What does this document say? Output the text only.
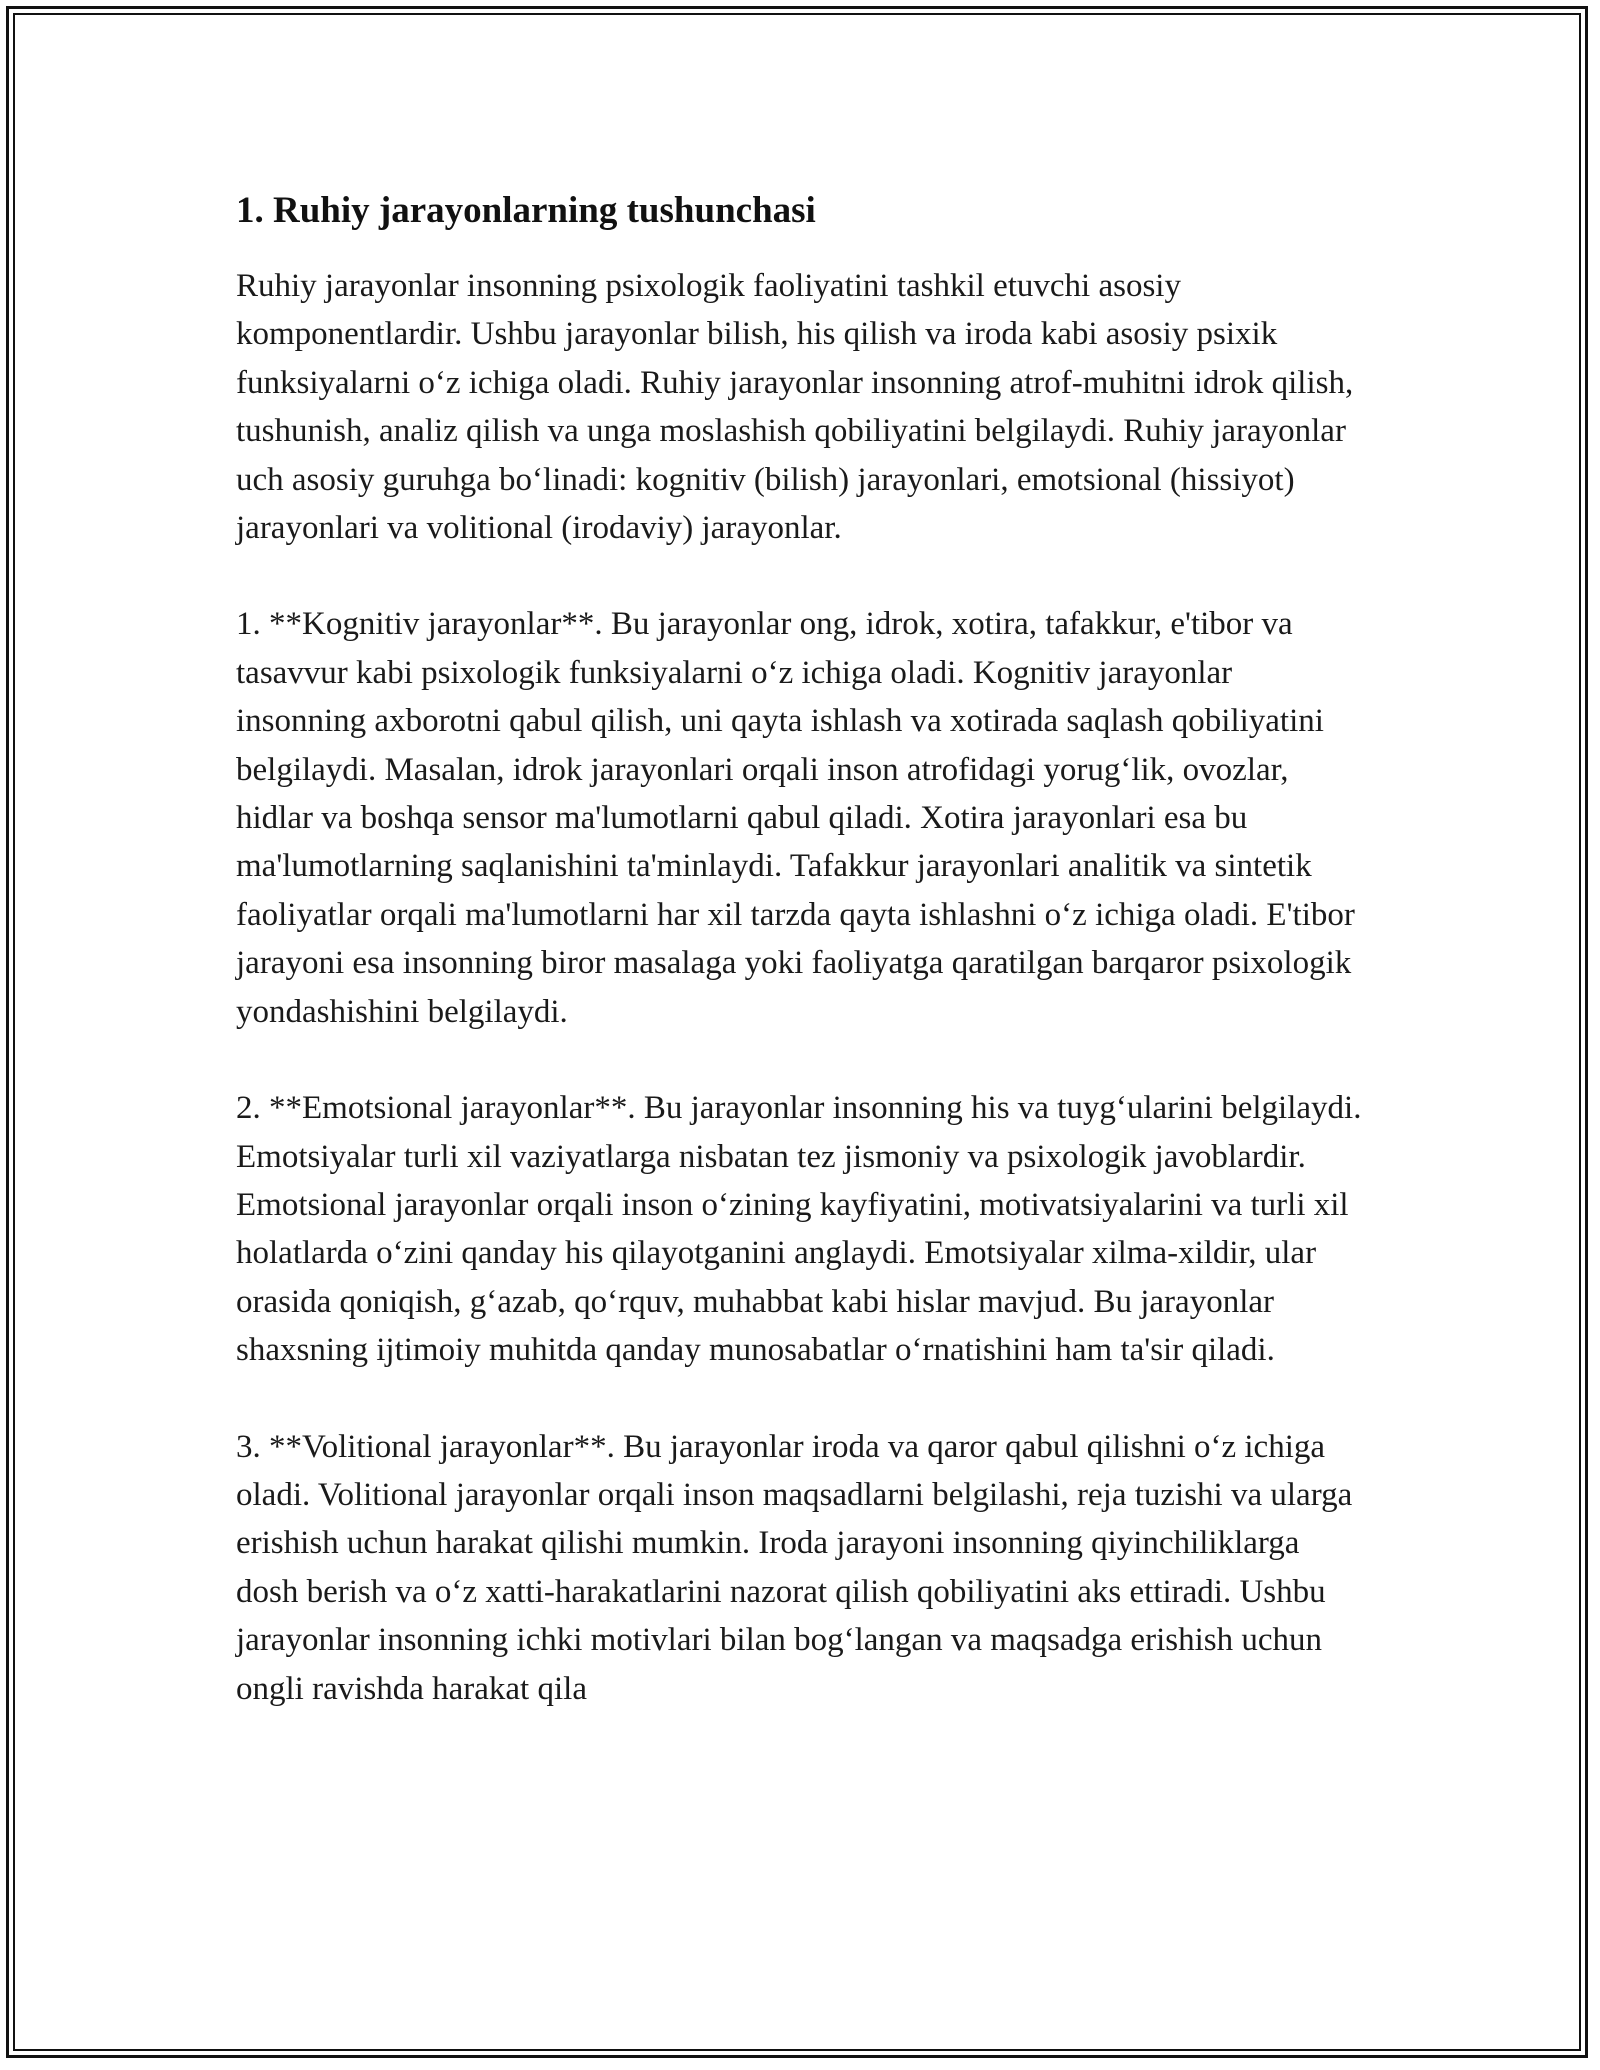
1. Ruhiy jarayonlarning tushunchasi

Ruhiy jarayonlar insonning psixologik faoliyatini tashkil etuvchi asosiy komponentlardir. Ushbu jarayonlar bilish, his qilish va iroda kabi asosiy psixik funksiyalarni o‘z ichiga oladi. Ruhiy jarayonlar insonning atrof-muhitni idrok qilish, tushunish, analiz qilish va unga moslashish qobiliyatini belgilaydi. Ruhiy jarayonlar uch asosiy guruhga bo‘linadi: kognitiv (bilish) jarayonlari, emotsional (hissiyot) jarayonlari va volitional (irodaviy) jarayonlar.

1. **Kognitiv jarayonlar**. Bu jarayonlar ong, idrok, xotira, tafakkur, e'tibor va tasavvur kabi psixologik funksiyalarni o‘z ichiga oladi. Kognitiv jarayonlar insonning axborotni qabul qilish, uni qayta ishlash va xotirada saqlash qobiliyatini belgilaydi. Masalan, idrok jarayonlari orqali inson atrofidagi yorug‘lik, ovozlar, hidlar va boshqa sensor ma'lumotlarni qabul qiladi. Xotira jarayonlari esa bu ma'lumotlarning saqlanishini ta'minlaydi. Tafakkur jarayonlari analitik va sintetik faoliyatlar orqali ma'lumotlarni har xil tarzda qayta ishlashni o‘z ichiga oladi. E'tibor jarayoni esa insonning biror masalaga yoki faoliyatga qaratilgan barqaror psixologik yondashishini belgilaydi.

2. **Emotsional jarayonlar**. Bu jarayonlar insonning his va tuyg‘ularini belgilaydi. Emotsiyalar turli xil vaziyatlarga nisbatan tez jismoniy va psixologik javoblardir. Emotsional jarayonlar orqali inson o‘zining kayfiyatini, motivatsiyalarini va turli xil holatlarda o‘zini qanday his qilayotganini anglaydi. Emotsiyalar xilma-xildir, ular orasida qoniqish, g‘azab, qo‘rquv, muhabbat kabi hislar mavjud. Bu jarayonlar shaxsning ijtimoiy muhitda qanday munosabatlar o‘rnatishini ham ta'sir qiladi.

3. **Volitional jarayonlar**. Bu jarayonlar iroda va qaror qabul qilishni o‘z ichiga oladi. Volitional jarayonlar orqali inson maqsadlarni belgilashi, reja tuzishi va ularga erishish uchun harakat qilishi mumkin. Iroda jarayoni insonning qiyinchiliklarga dosh berish va o‘z xatti-harakatlarini nazorat qilish qobiliyatini aks ettiradi. Ushbu jarayonlar insonning ichki motivlari bilan bog‘langan va maqsadga erishish uchun ongli ravishda harakat qila
